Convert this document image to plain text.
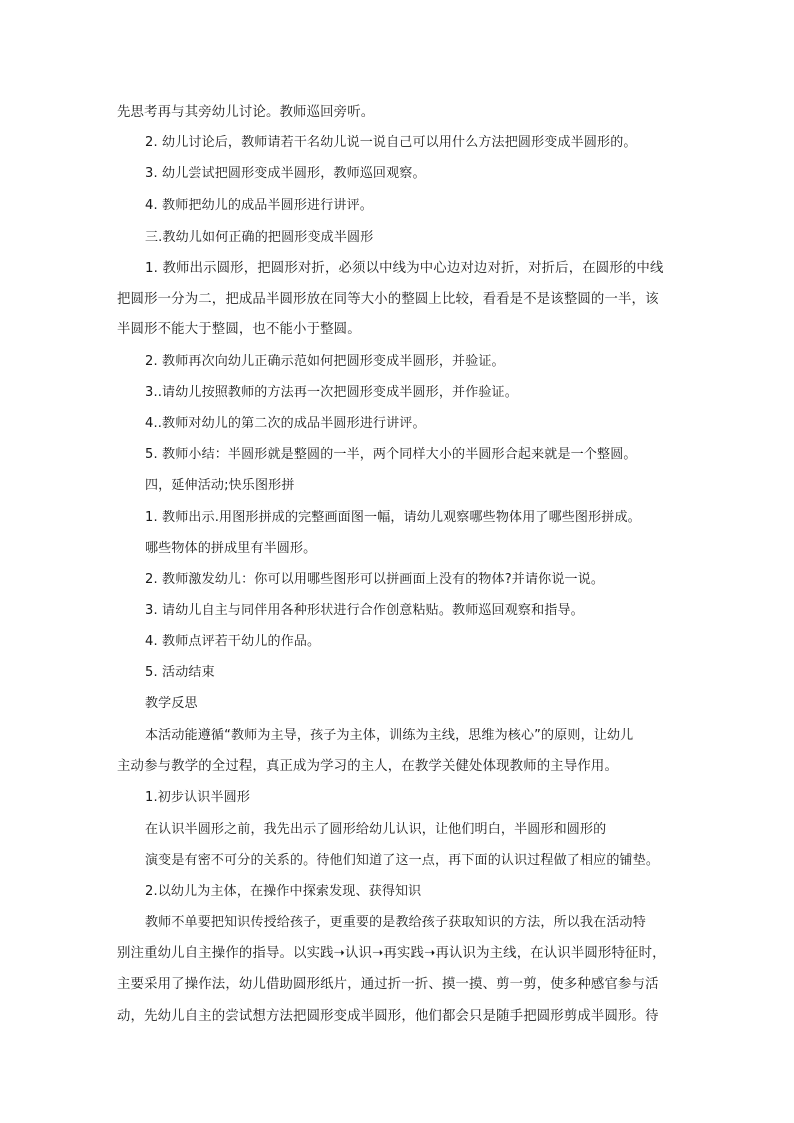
先思考再与其旁幼儿讨论。教师巡回旁听。
2. 幼儿讨论后，教师请若干名幼儿说一说自己可以用什么方法把圆形变成半圆形的。
3. 幼儿尝试把圆形变成半圆形，教师巡回观察。
4. 教师把幼儿的成品半圆形进行讲评。
三.教幼儿如何正确的把圆形变成半圆形
1. 教师出示圆形，把圆形对折，必须以中线为中心边对边对折，对折后，在圆形的中线
把圆形一分为二，把成品半圆形放在同等大小的整圆上比较，看看是不是该整圆的一半，该
半圆形不能大于整圆，也不能小于整圆。
2. 教师再次向幼儿正确示范如何把圆形变成半圆形，并验证。
3..请幼儿按照教师的方法再一次把圆形变成半圆形，并作验证。
4..教师对幼儿的第二次的成品半圆形进行讲评。
5. 教师小结：半圆形就是整圆的一半，两个同样大小的半圆形合起来就是一个整圆。
四，延伸活动;快乐图形拼
1. 教师出示.用图形拼成的完整画面图一幅，请幼儿观察哪些物体用了哪些图形拼成。
哪些物体的拼成里有半圆形。
2. 教师激发幼儿：你可以用哪些图形可以拼画面上没有的物体?并请你说一说。
3. 请幼儿自主与同伴用各种形状进行合作创意粘贴。教师巡回观察和指导。
4. 教师点评若干幼儿的作品。
5. 活动结束
教学反思
本活动能遵循“教师为主导，孩子为主体，训练为主线，思维为核心”的原则，让幼儿
主动参与教学的全过程，真正成为学习的主人，在教学关健处体现教师的主导作用。
1.初步认识半圆形
在认识半圆形之前，我先出示了圆形给幼儿认识，让他们明白，半圆形和圆形的
演变是有密不可分的关系的。待他们知道了这一点，再下面的认识过程做了相应的铺垫。
2.以幼儿为主体，在操作中探索发现、获得知识
教师不单要把知识传授给孩子，更重要的是教给孩子获取知识的方法，所以我在活动特
别注重幼儿自主操作的指导。以实践➝认识➝再实践➝再认识为主线，在认识半圆形特征时，
主要采用了操作法，幼儿借助圆形纸片，通过折一折、摸一摸、剪一剪，使多种感官参与活
动，先幼儿自主的尝试想方法把圆形变成半圆形，他们都会只是随手把圆形剪成半圆形。待
